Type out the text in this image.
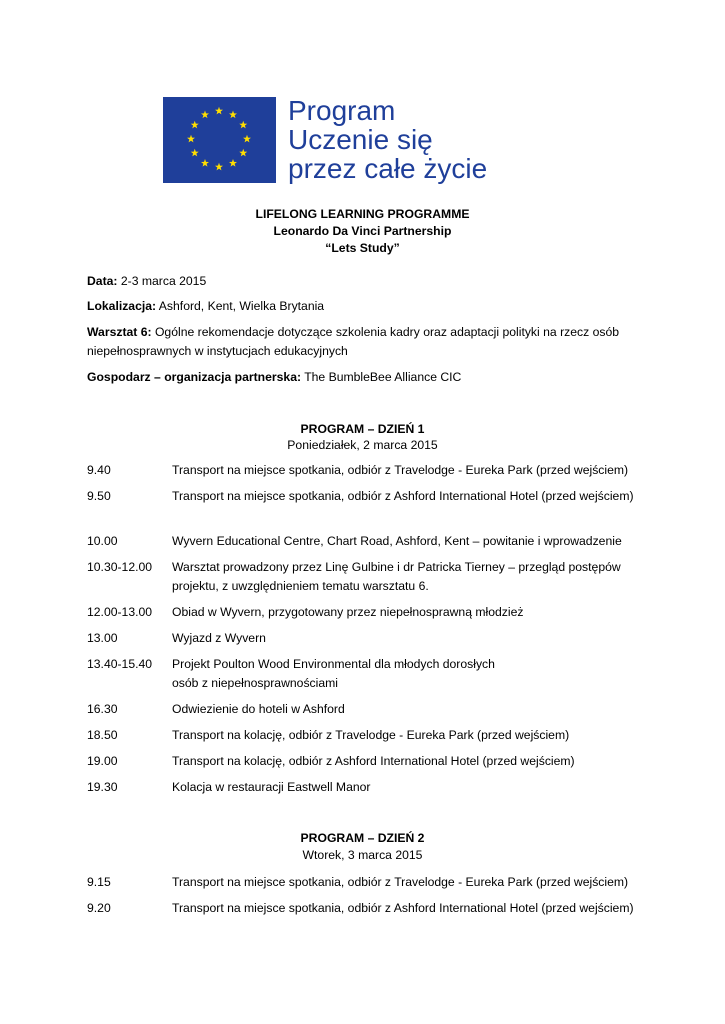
Program
Uczenie się
przez całe życie
LIFELONG LEARNING PROGRAMME
Leonardo Da Vinci Partnership
“Lets Study”
Data: 2-3 marca 2015
Lokalizacja: Ashford, Kent, Wielka Brytania
Warsztat 6: Ogólne rekomendacje dotyczące szkolenia kadry oraz adaptacji polityki na rzecz osób niepełnosprawnych w instytucjach edukacyjnych
Gospodarz – organizacja partnerska: The BumbleBee Alliance CIC
PROGRAM – DZIEŃ 1
Poniedziałek, 2 marca 2015
9.40	Transport na miejsce spotkania, odbiór z Travelodge - Eureka Park (przed wejściem)
9.50	Transport na miejsce spotkania, odbiór z Ashford International Hotel (przed wejściem)
10.00	Wyvern Educational Centre, Chart Road, Ashford, Kent – powitanie i wprowadzenie
10.30-12.00 Warsztat prowadzony przez Linę Gulbine i dr Patricka Tierney – przegląd postępów projektu, z uwzględnieniem tematu warsztatu 6.
12.00-13.00 Obiad w Wyvern, przygotowany przez niepełnosprawną młodzież
13.00	Wyjazd z Wyvern
13.40-15.40 Projekt Poulton Wood Environmental dla młodych dorosłych osób z niepełnosprawnościami
16.30	Odwiezienie do hoteli w Ashford
18.50	Transport na kolację, odbiór z Travelodge - Eureka Park (przed wejściem)
19.00	Transport na kolację, odbiór z Ashford International Hotel (przed wejściem)
19.30	Kolacja w restauracji Eastwell Manor
PROGRAM – DZIEŃ 2
Wtorek, 3 marca 2015
9.15	Transport na miejsce spotkania, odbiór z Travelodge - Eureka Park (przed wejściem)
9.20	Transport na miejsce spotkania, odbiór z Ashford International Hotel (przed wejściem)
